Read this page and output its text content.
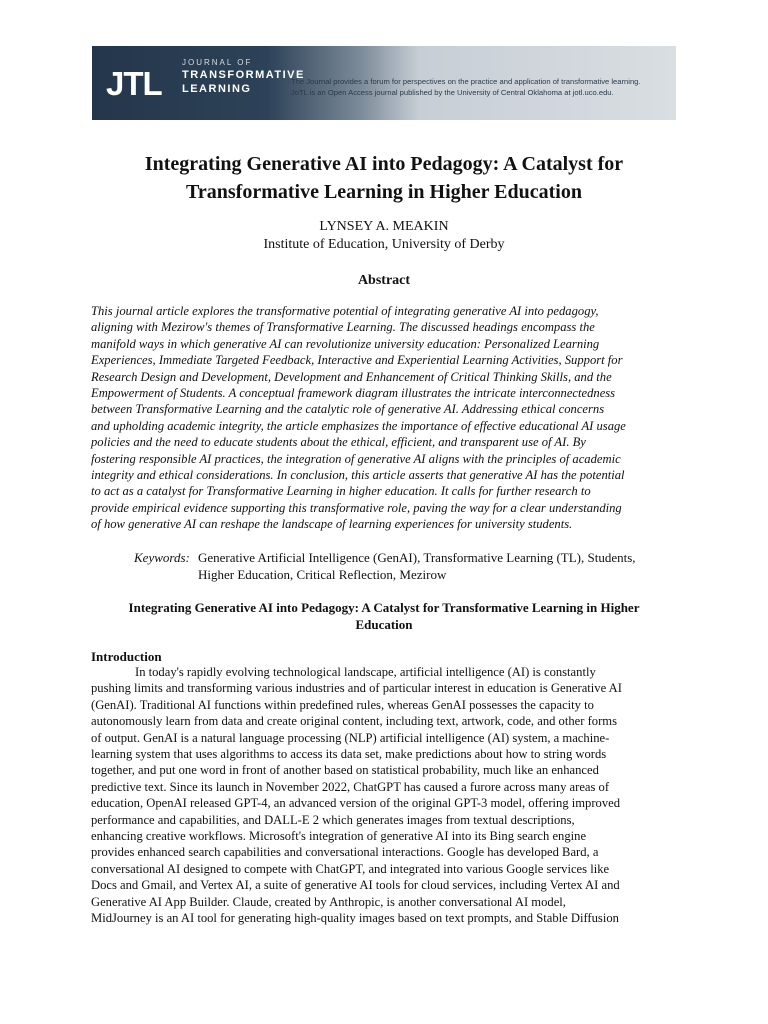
JTL
JOURNAL OF
TRANSFORMATIVE
LEARNING
The Journal provides a forum for perspectives on the practice and application of transformative learning.
JoTL is an Open Access journal published by the University of Central Oklahoma at jotl.uco.edu.
Integrating Generative AI into Pedagogy: A Catalyst for
Transformative Learning in Higher Education
LYNSEY A. MEAKIN
Institute of Education, University of Derby
Abstract
This journal article explores the transformative potential of integrating generative AI into pedagogy,
aligning with Mezirow's themes of Transformative Learning. The discussed headings encompass the
manifold ways in which generative AI can revolutionize university education: Personalized Learning
Experiences, Immediate Targeted Feedback, Interactive and Experiential Learning Activities, Support for
Research Design and Development, Development and Enhancement of Critical Thinking Skills, and the
Empowerment of Students. A conceptual framework diagram illustrates the intricate interconnectedness
between Transformative Learning and the catalytic role of generative AI. Addressing ethical concerns
and upholding academic integrity, the article emphasizes the importance of effective educational AI usage
policies and the need to educate students about the ethical, efficient, and transparent use of AI. By
fostering responsible AI practices, the integration of generative AI aligns with the principles of academic
integrity and ethical considerations. In conclusion, this article asserts that generative AI has the potential
to act as a catalyst for Transformative Learning in higher education. It calls for further research to
provide empirical evidence supporting this transformative role, paving the way for a clear understanding
of how generative AI can reshape the landscape of learning experiences for university students.
Keywords: Generative Artificial Intelligence (GenAI), Transformative Learning (TL), Students,
Higher Education, Critical Reflection, Mezirow
Integrating Generative AI into Pedagogy: A Catalyst for Transformative Learning in Higher
Education
Introduction
In today's rapidly evolving technological landscape, artificial intelligence (AI) is constantly
pushing limits and transforming various industries and of particular interest in education is Generative AI
(GenAI). Traditional AI functions within predefined rules, whereas GenAI possesses the capacity to
autonomously learn from data and create original content, including text, artwork, code, and other forms
of output. GenAI is a natural language processing (NLP) artificial intelligence (AI) system, a machine-
learning system that uses algorithms to access its data set, make predictions about how to string words
together, and put one word in front of another based on statistical probability, much like an enhanced
predictive text. Since its launch in November 2022, ChatGPT has caused a furore across many areas of
education, OpenAI released GPT-4, an advanced version of the original GPT-3 model, offering improved
performance and capabilities, and DALL-E 2 which generates images from textual descriptions,
enhancing creative workflows. Microsoft's integration of generative AI into its Bing search engine
provides enhanced search capabilities and conversational interactions. Google has developed Bard, a
conversational AI designed to compete with ChatGPT, and integrated into various Google services like
Docs and Gmail, and Vertex AI, a suite of generative AI tools for cloud services, including Vertex AI and
Generative AI App Builder. Claude, created by Anthropic, is another conversational AI model,
MidJourney is an AI tool for generating high-quality images based on text prompts, and Stable Diffusion
